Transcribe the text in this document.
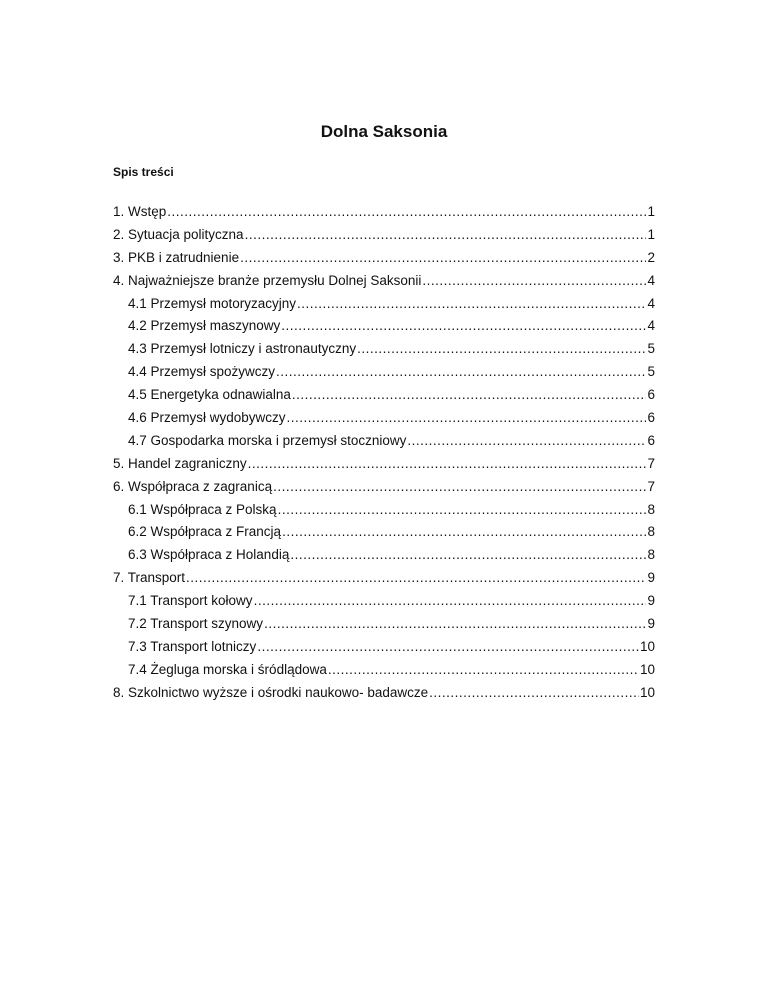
Dolna Saksonia
Spis treści
1. Wstęp .....	1
2. Sytuacja polityczna .....	1
3. PKB i zatrudnienie .....	2
4. Najważniejsze branże przemysłu Dolnej Saksonii .....	4
4.1 Przemysł motoryzacyjny .....	4
4.2 Przemysł maszynowy .....	4
4.3 Przemysł lotniczy i astronautyczny .....	5
4.4 Przemysł spożywczy .....	5
4.5 Energetyka odnawialna .....	6
4.6 Przemysł wydobywczy .....	6
4.7 Gospodarka morska i przemysł stoczniowy .....	6
5. Handel zagraniczny .....	7
6. Współpraca z zagranicą .....	7
6.1 Współpraca z Polską .....	8
6.2 Współpraca z Francją .....	8
6.3 Współpraca z Holandią .....	8
7. Transport .....	9
7.1 Transport kołowy .....	9
7.2 Transport szynowy .....	9
7.3 Transport lotniczy .....	10
7.4 Żegluga morska i śródlądowa .....	10
8. Szkolnictwo wyższe i ośrodki naukowo- badawcze .....	10
